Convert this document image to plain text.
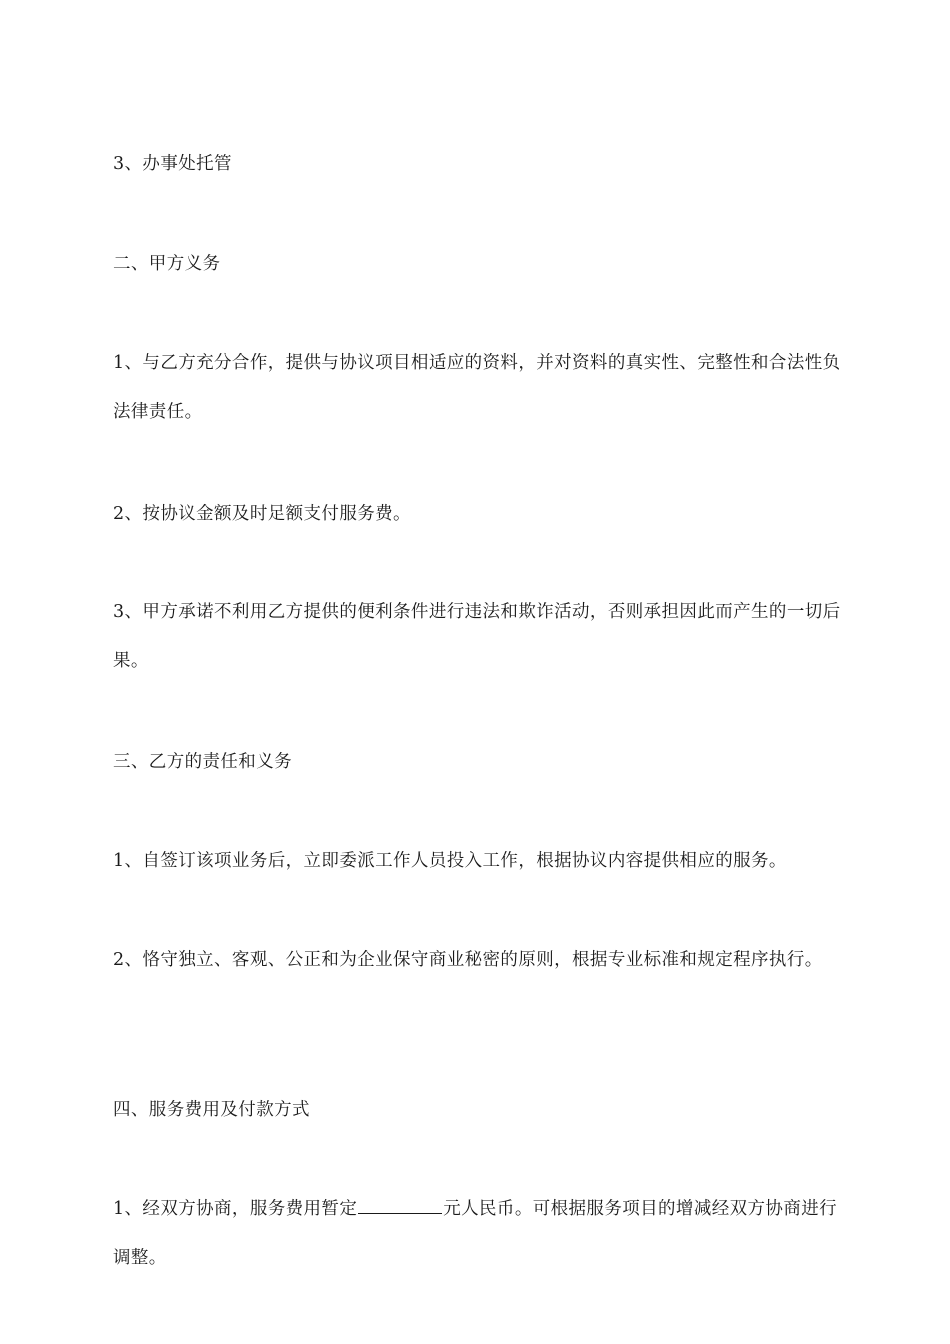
3、办事处托管
二、甲方义务
1、与乙方充分合作，提供与协议项目相适应的资料，并对资料的真实性、完整性和合法性负法律责任。
2、按协议金额及时足额支付服务费。
3、甲方承诺不利用乙方提供的便利条件进行违法和欺诈活动，否则承担因此而产生的一切后果。
三、乙方的责任和义务
1、自签订该项业务后，立即委派工作人员投入工作，根据协议内容提供相应的服务。
2、恪守独立、客观、公正和为企业保守商业秘密的原则，根据专业标准和规定程序执行。
四、服务费用及付款方式
1、经双方协商，服务费用暂定	元人民币。可根据服务项目的增减经双方协商进行调整。
